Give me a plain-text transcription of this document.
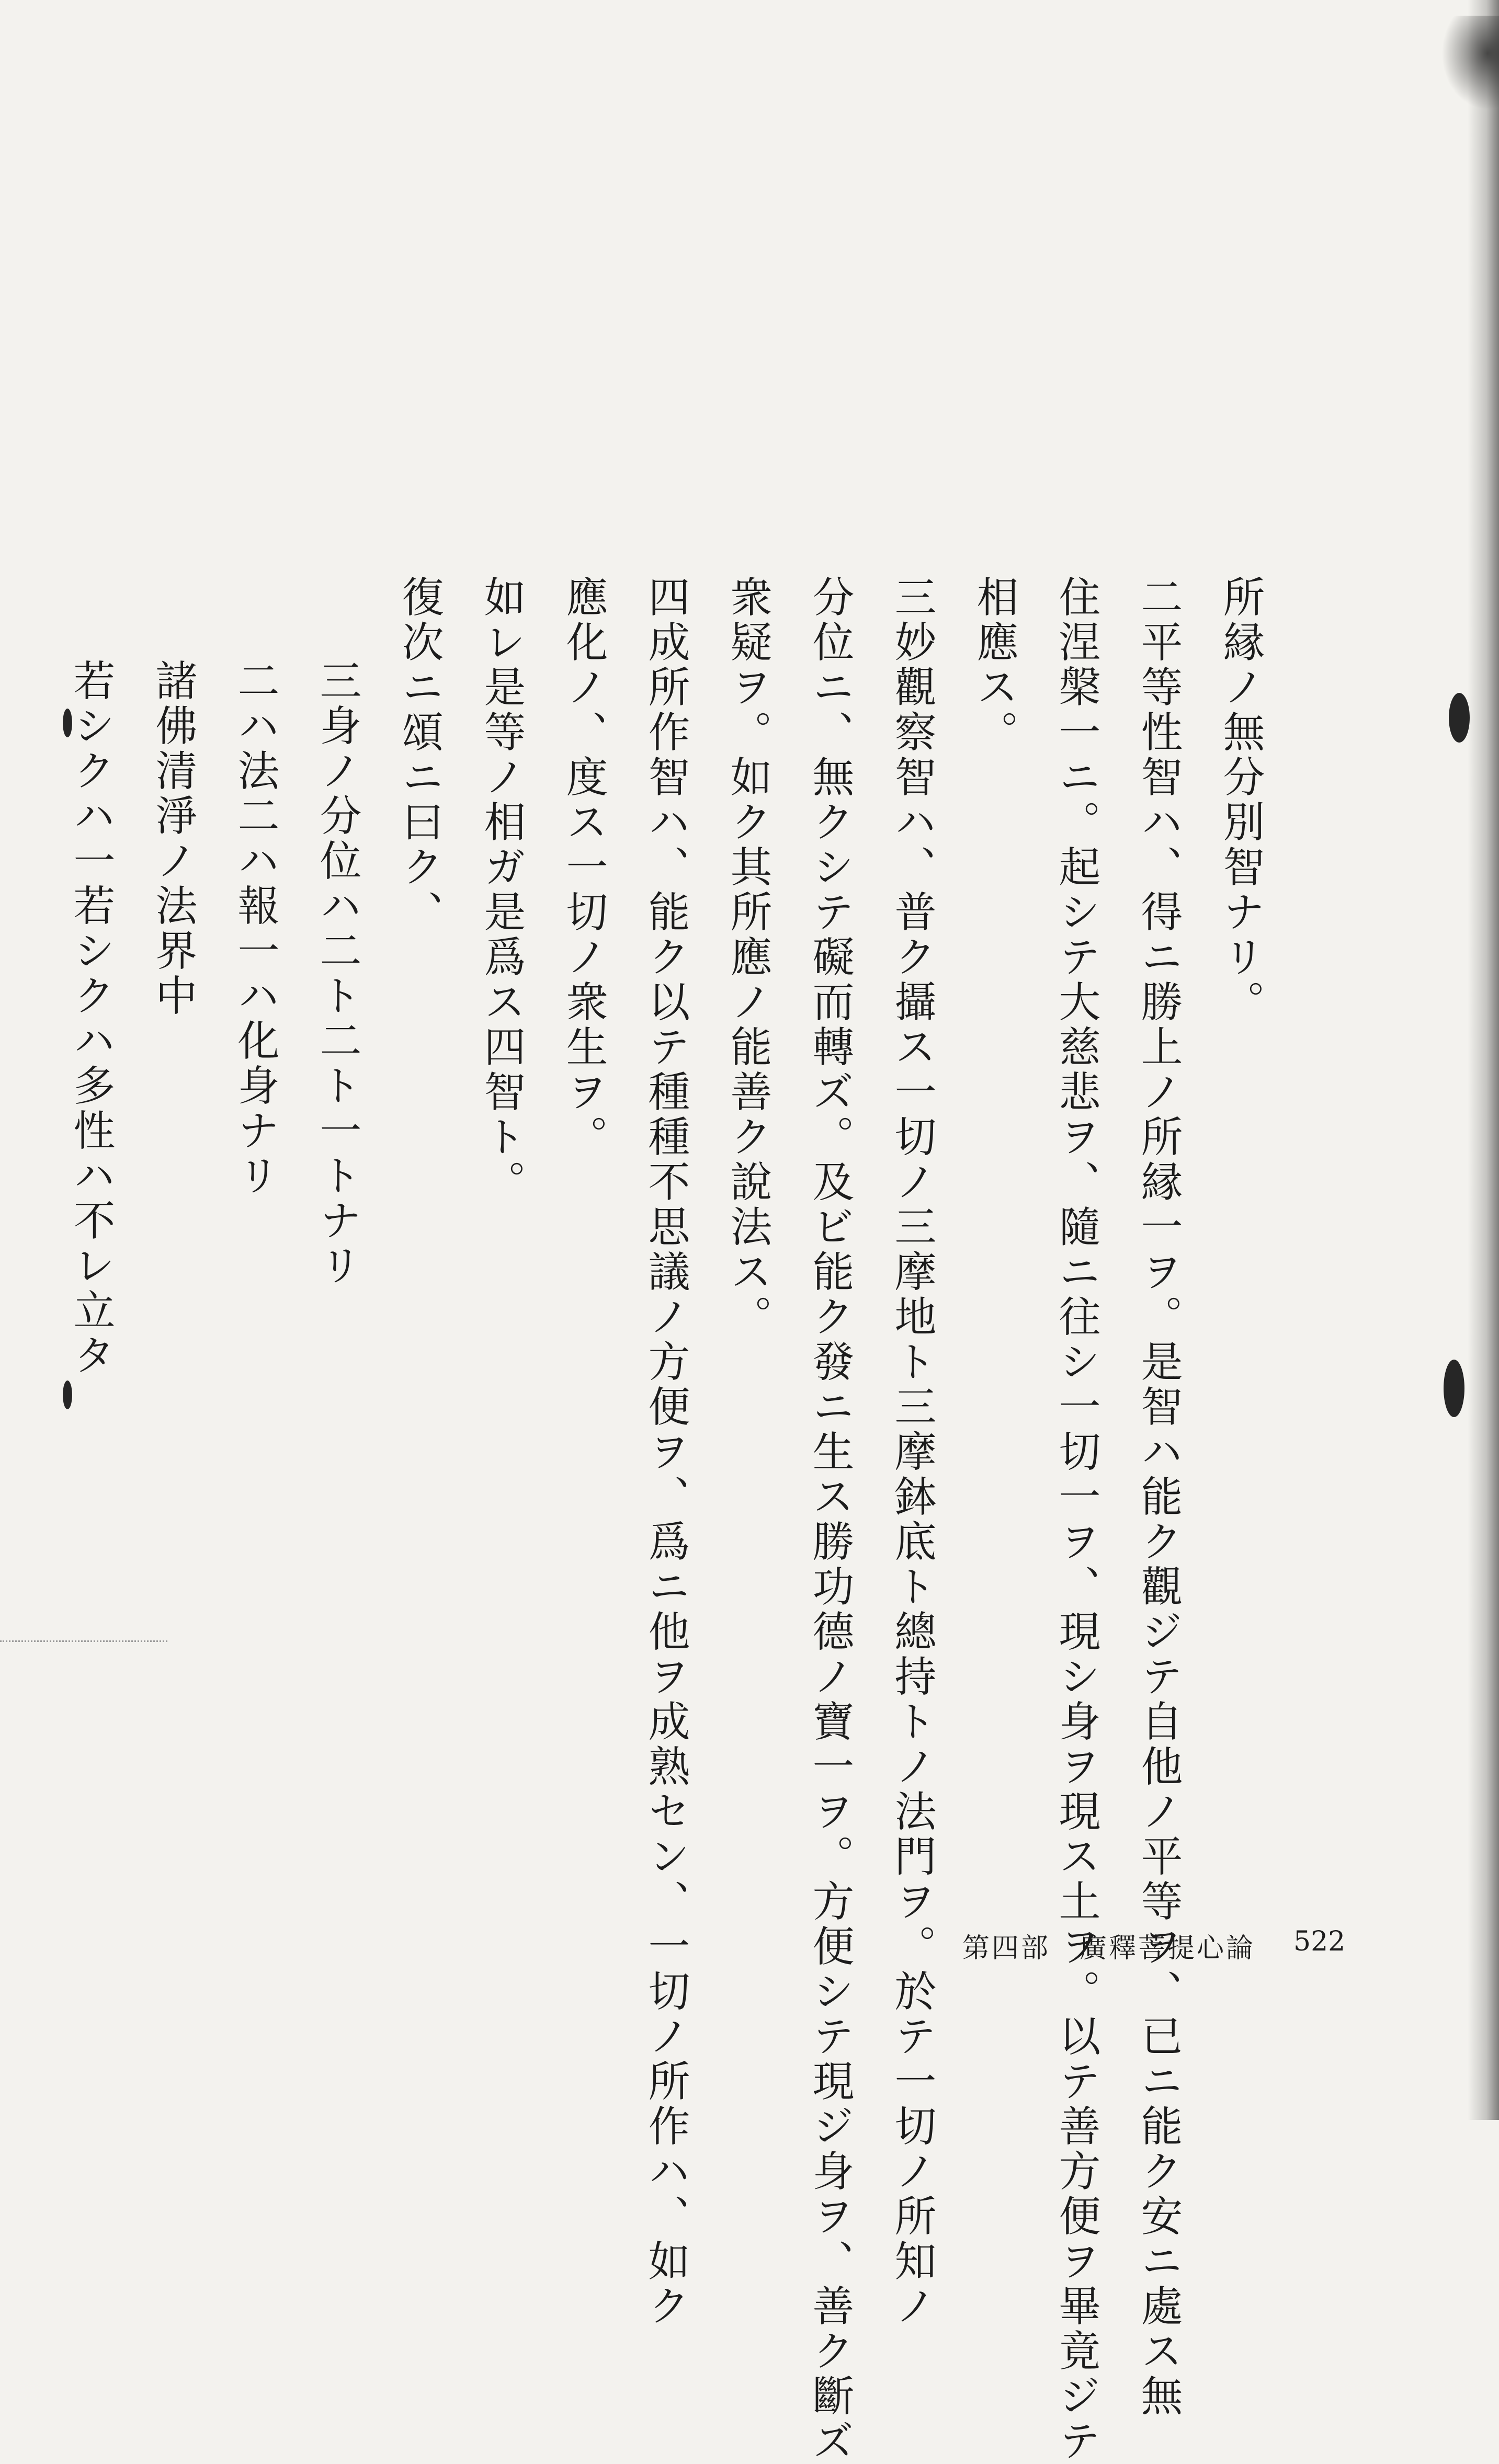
所縁ノ無分別智ナリ。
二平等性智ハ、得ニ勝上ノ所縁一ヲ。是智ハ能ク觀ジテ自他ノ平等ヲ、已ニ能ク安ニ處ス無
住涅槃一ニ。起シテ大慈悲ヲ、隨ニ往シ一切一ヲ、現シ身ヲ現ス土ヲ。以テ善方便ヲ畢竟ジテ
相應ス。
三妙觀察智ハ、普ク攝ス一切ノ三摩地ト三摩鉢底ト總持トノ法門ヲ。於テ一切ノ所知ノ
分位ニ、無クシテ礙而轉ズ。及ビ能ク發ニ生ス勝功德ノ寶一ヲ。方便シテ現ジ身ヲ、善ク斷ズ
衆疑ヲ。如ク其所應ノ能善ク說法ス。
四成所作智ハ、能ク以テ種種不思議ノ方便ヲ、爲ニ他ヲ成熟セン、一切ノ所作ハ、如ク
應化ノ、度ス一切ノ衆生ヲ。
如レ是等ノ相ガ是爲ス四智ト。
復次ニ頌ニ曰ク、
三身ノ分位ハ二ト二ト一トナリ
二ハ法二ハ報一ハ化身ナリ
諸佛清淨ノ法界中
若シクハ一若シクハ多性ハ不レ立タ
第四部　廣釋菩提心論 522
